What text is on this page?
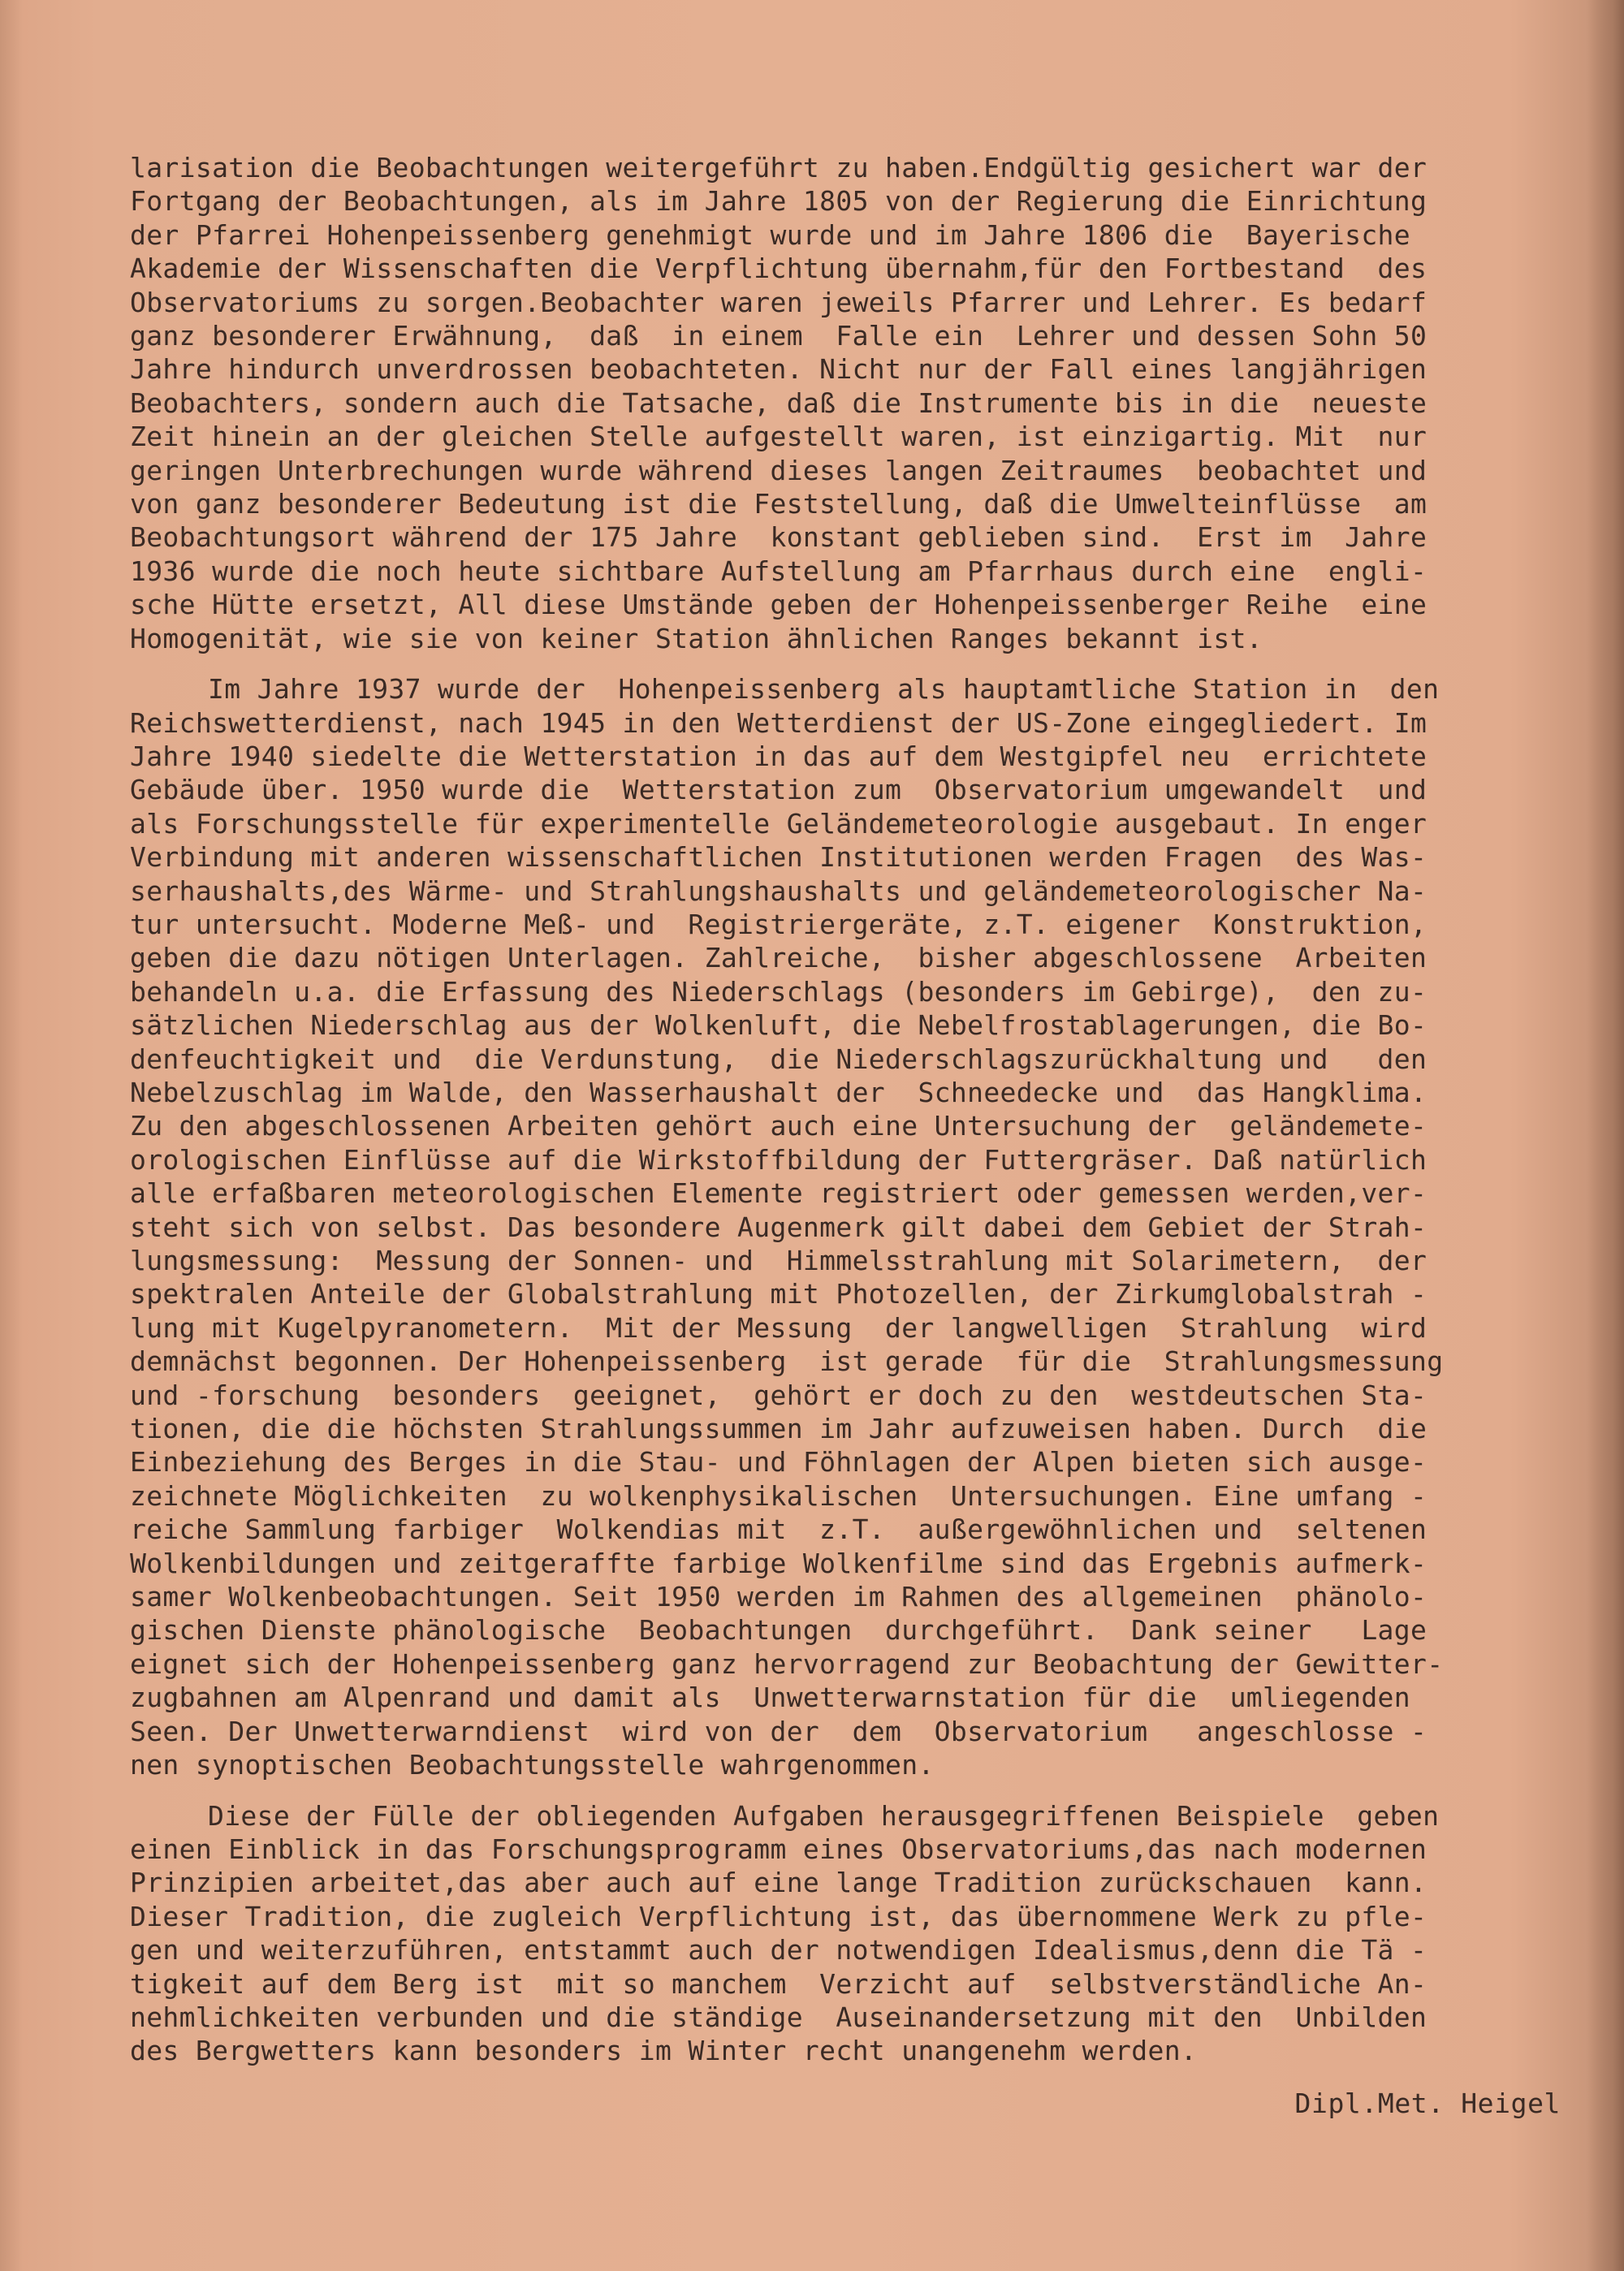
larisation die Beobachtungen weitergeführt zu haben.Endgültig gesichert war der
Fortgang der Beobachtungen, als im Jahre 1805 von der Regierung die Einrichtung
der Pfarrei Hohenpeissenberg genehmigt wurde und im Jahre 1806 die  Bayerische
Akademie der Wissenschaften die Verpflichtung übernahm,für den Fortbestand  des
Observatoriums zu sorgen.Beobachter waren jeweils Pfarrer und Lehrer. Es bedarf
ganz besonderer Erwähnung,  daß  in einem  Falle ein  Lehrer und dessen Sohn 50
Jahre hindurch unverdrossen beobachteten. Nicht nur der Fall eines langjährigen
Beobachters, sondern auch die Tatsache, daß die Instrumente bis in die  neueste
Zeit hinein an der gleichen Stelle aufgestellt waren, ist einzigartig. Mit  nur
geringen Unterbrechungen wurde während dieses langen Zeitraumes  beobachtet und
von ganz besonderer Bedeutung ist die Feststellung, daß die Umwelteinflüsse  am
Beobachtungsort während der 175 Jahre  konstant geblieben sind.  Erst im  Jahre
1936 wurde die noch heute sichtbare Aufstellung am Pfarrhaus durch eine  engli-
sche Hütte ersetzt, All diese Umstände geben der Hohenpeissenberger Reihe  eine
Homogenität, wie sie von keiner Station ähnlichen Ranges bekannt ist.

Im Jahre 1937 wurde der  Hohenpeissenberg als hauptamtliche Station in  den
Reichswetterdienst, nach 1945 in den Wetterdienst der US-Zone eingegliedert. Im
Jahre 1940 siedelte die Wetterstation in das auf dem Westgipfel neu  errichtete
Gebäude über. 1950 wurde die  Wetterstation zum  Observatorium umgewandelt  und
als Forschungsstelle für experimentelle Geländemeteorologie ausgebaut. In enger
Verbindung mit anderen wissenschaftlichen Institutionen werden Fragen  des Was-
serhaushalts,des Wärme- und Strahlungshaushalts und geländemeteorologischer Na-
tur untersucht. Moderne Meß- und  Registriergeräte, z.T. eigener  Konstruktion,
geben die dazu nötigen Unterlagen. Zahlreiche,  bisher abgeschlossene  Arbeiten
behandeln u.a. die Erfassung des Niederschlags (besonders im Gebirge),  den zu-
sätzlichen Niederschlag aus der Wolkenluft, die Nebelfrostablagerungen, die Bo-
denfeuchtigkeit und  die Verdunstung,  die Niederschlagszurückhaltung und   den
Nebelzuschlag im Walde, den Wasserhaushalt der  Schneedecke und  das Hangklima.
Zu den abgeschlossenen Arbeiten gehört auch eine Untersuchung der  geländemete-
orologischen Einflüsse auf die Wirkstoffbildung der Futtergräser. Daß natürlich
alle erfaßbaren meteorologischen Elemente registriert oder gemessen werden,ver-
steht sich von selbst. Das besondere Augenmerk gilt dabei dem Gebiet der Strah-
lungsmessung:  Messung der Sonnen- und  Himmelsstrahlung mit Solarimetern,  der
spektralen Anteile der Globalstrahlung mit Photozellen, der Zirkumglobalstrah -
lung mit Kugelpyranometern.  Mit der Messung  der langwelligen  Strahlung  wird
demnächst begonnen. Der Hohenpeissenberg  ist gerade  für die  Strahlungsmessung
und -forschung  besonders  geeignet,  gehört er doch zu den  westdeutschen Sta-
tionen, die die höchsten Strahlungssummen im Jahr aufzuweisen haben. Durch  die
Einbeziehung des Berges in die Stau- und Föhnlagen der Alpen bieten sich ausge-
zeichnete Möglichkeiten  zu wolkenphysikalischen  Untersuchungen. Eine umfang -
reiche Sammlung farbiger  Wolkendias mit  z.T.  außergewöhnlichen und  seltenen
Wolkenbildungen und zeitgeraffte farbige Wolkenfilme sind das Ergebnis aufmerk-
samer Wolkenbeobachtungen. Seit 1950 werden im Rahmen des allgemeinen  phänolo-
gischen Dienste phänologische  Beobachtungen  durchgeführt.  Dank seiner   Lage
eignet sich der Hohenpeissenberg ganz hervorragend zur Beobachtung der Gewitter-
zugbahnen am Alpenrand und damit als  Unwetterwarnstation für die  umliegenden
Seen. Der Unwetterwarndienst  wird von der  dem  Observatorium   angeschlosse -
nen synoptischen Beobachtungsstelle wahrgenommen.

Diese der Fülle der obliegenden Aufgaben herausgegriffenen Beispiele  geben
einen Einblick in das Forschungsprogramm eines Observatoriums,das nach modernen
Prinzipien arbeitet,das aber auch auf eine lange Tradition zurückschauen  kann.
Dieser Tradition, die zugleich Verpflichtung ist, das übernommene Werk zu pfle-
gen und weiterzuführen, entstammt auch der notwendigen Idealismus,denn die Tä -
tigkeit auf dem Berg ist  mit so manchem  Verzicht auf  selbstverständliche An-
nehmlichkeiten verbunden und die ständige  Auseinandersetzung mit den  Unbilden
des Bergwetters kann besonders im Winter recht unangenehm werden.

Dipl.Met. Heigel
